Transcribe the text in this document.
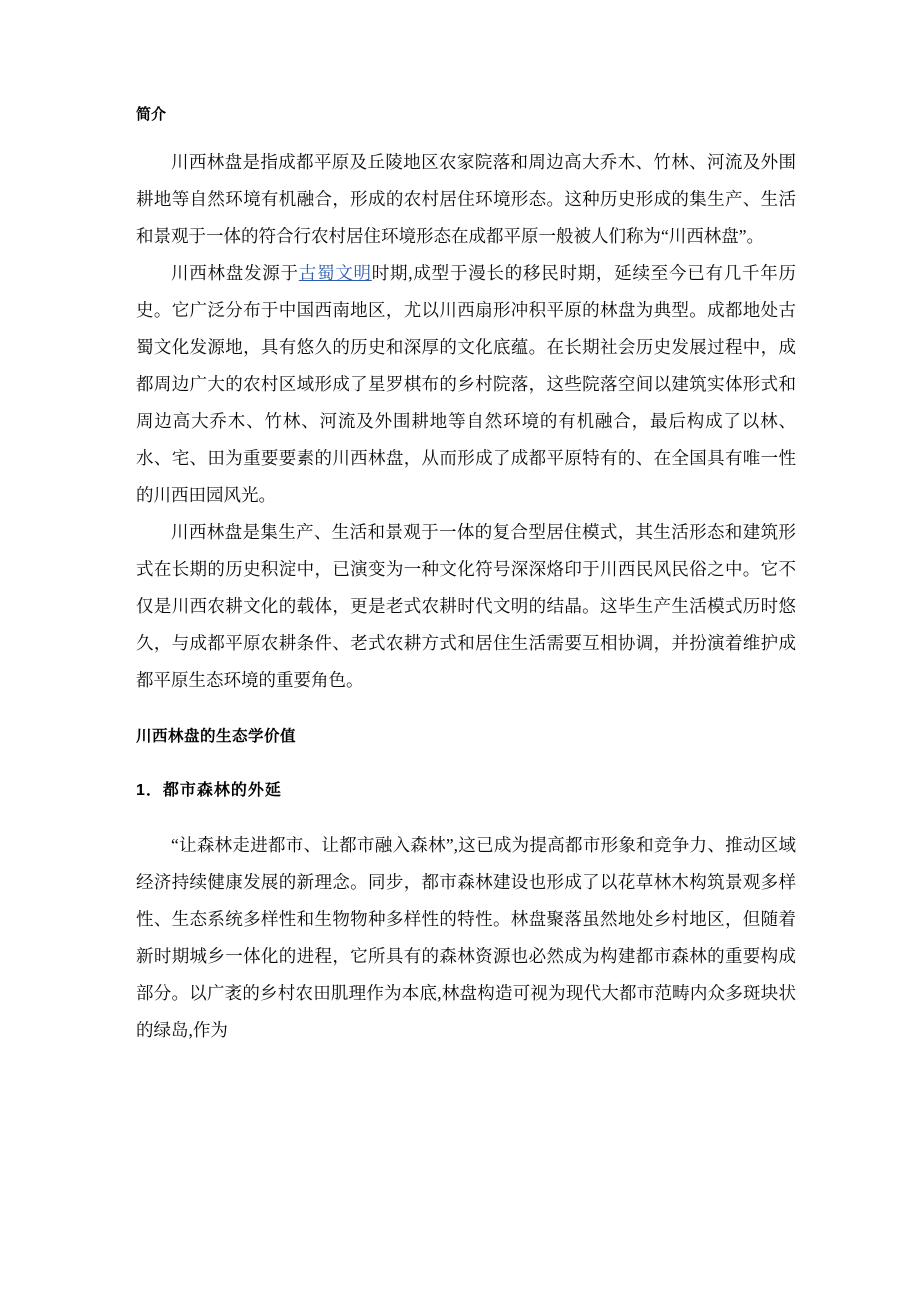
简介

川西林盘是指成都平原及丘陵地区农家院落和周边高大乔木、竹林、河流及外围耕地等自然环境有机融合，形成的农村居住环境形态。这种历史形成的集生产、生活和景观于一体的符合行农村居住环境形态在成都平原一般被人们称为“川西林盘”。

川西林盘发源于古蜀文明时期,成型于漫长的移民时期，延续至今已有几千年历史。它广泛分布于中国西南地区，尤以川西扇形冲积平原的林盘为典型。成都地处古蜀文化发源地，具有悠久的历史和深厚的文化底蕴。在长期社会历史发展过程中，成都周边广大的农村区域形成了星罗棋布的乡村院落，这些院落空间以建筑实体形式和周边高大乔木、竹林、河流及外围耕地等自然环境的有机融合，最后构成了以林、水、宅、田为重要要素的川西林盘，从而形成了成都平原特有的、在全国具有唯一性的川西田园风光。

川西林盘是集生产、生活和景观于一体的复合型居住模式，其生活形态和建筑形式在长期的历史积淀中，已演变为一种文化符号深深烙印于川西民风民俗之中。它不仅是川西农耕文化的载体，更是老式农耕时代文明的结晶。这毕生产生活模式历时悠久，与成都平原农耕条件、老式农耕方式和居住生活需要互相协调，并扮演着维护成都平原生态环境的重要角色。

川西林盘的生态学价值
1．都市森林的外延

“让森林走进都市、让都市融入森林”,这已成为提高都市形象和竞争力、推动区域经济持续健康发展的新理念。同步，都市森林建设也形成了以花草林木构筑景观多样性、生态系统多样性和生物物种多样性的特性。林盘聚落虽然地处乡村地区，但随着新时期城乡一体化的进程，它所具有的森林资源也必然成为构建都市森林的重要构成部分。以广袤的乡村农田肌理作为本底,林盘构造可视为现代大都市范畴内众多斑块状的绿岛,作为
